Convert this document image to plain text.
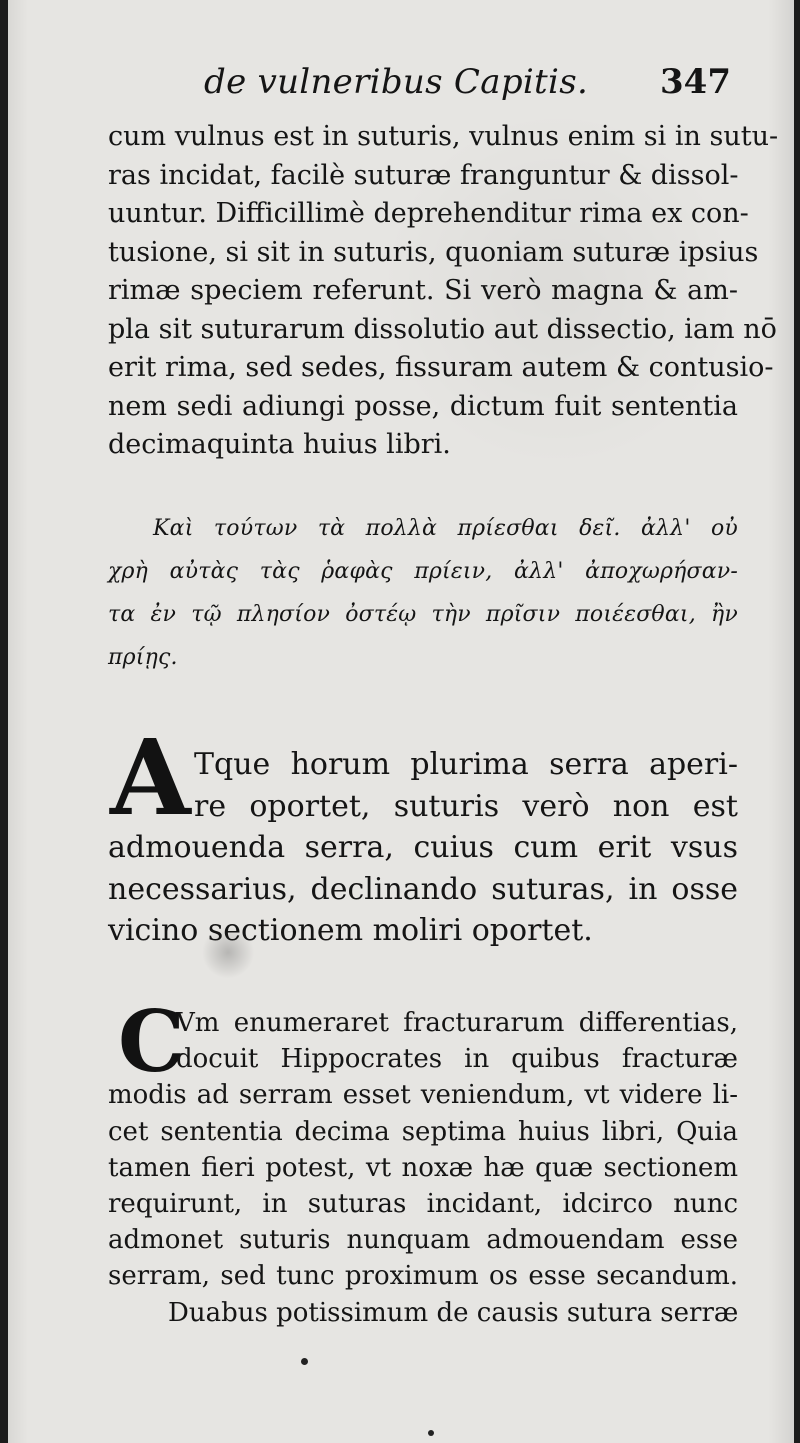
de vulneribus Capitis. 347
cum vulnus est in suturis, vulnus enim si in sutu-
ras incidat, facilè suturæ franguntur & dissol-
uuntur. Difficillimè deprehenditur rima ex con-
tusione, si sit in suturis, quoniam suturæ ipsius
rimæ speciem referunt. Si verò magna & am-
pla sit suturarum dissolutio aut dissectio, iam nō
erit rima, sed sedes, fissuram autem & contusio-
nem sedi adiungi posse, dictum fuit sententia
decimaquinta huius libri.
Καὶ τούτων τὰ πολλὰ πρίεσθαι δεῖ. ἀλλ' οὐ
χρὴ αὐτὰς τὰς ῥαφὰς πρίειν, ἀλλ' ἀποχωρήσαν-
τα ἐν τῷ πλησίον ὀστέῳ τὴν πρῖσιν ποιέεσθαι, ἢν
πρίῃς.
A Tque horum plurima serra aperi-
re oportet, suturis verò non est
admouenda serra, cuius cum erit vsus
necessarius, declinando suturas, in osse
vicino sectionem moliri oportet.
C
Vm enumeraret fracturarum differentias,
docuit Hippocrates in quibus fracturæ
modis ad serram esset veniendum, vt videre li-
cet sententia decima septima huius libri, Quia
tamen fieri potest, vt noxæ hæ quæ sectionem
requirunt, in suturas incidant, idcirco nunc
admonet suturis nunquam admouendam esse
serram, sed tunc proximum os esse secandum.
Duabus potissimum de causis sutura serræ
